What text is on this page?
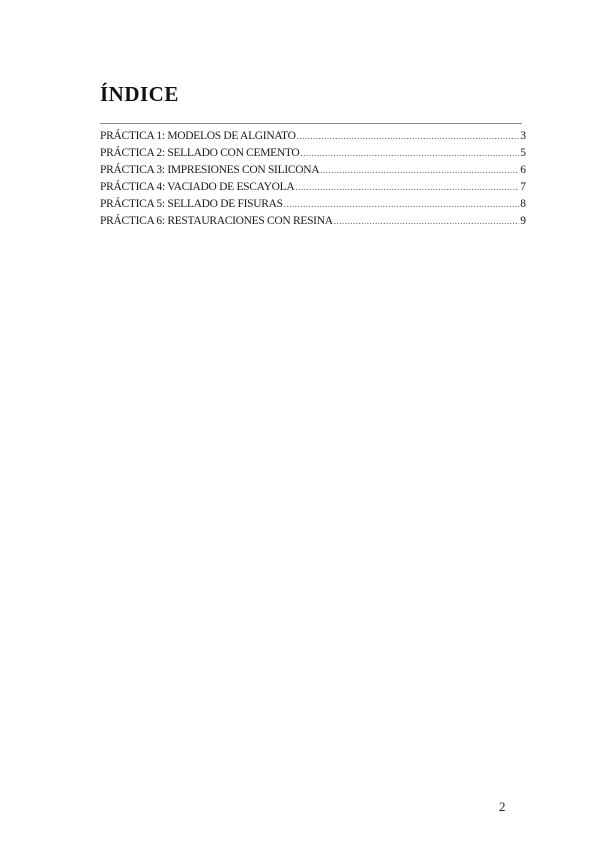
ÍNDICE
PRÁCTICA 1: MODELOS DE ALGINATO .....	3
PRÁCTICA 2: SELLADO CON CEMENTO .....	5
PRÁCTICA 3: IMPRESIONES CON SILICONA .....	6
PRÁCTICA 4: VACIADO DE ESCAYOLA .....	7
PRÁCTICA 5: SELLADO DE FISURAS .....	8
PRÁCTICA 6: RESTAURACIONES CON RESINA .....	9
2
